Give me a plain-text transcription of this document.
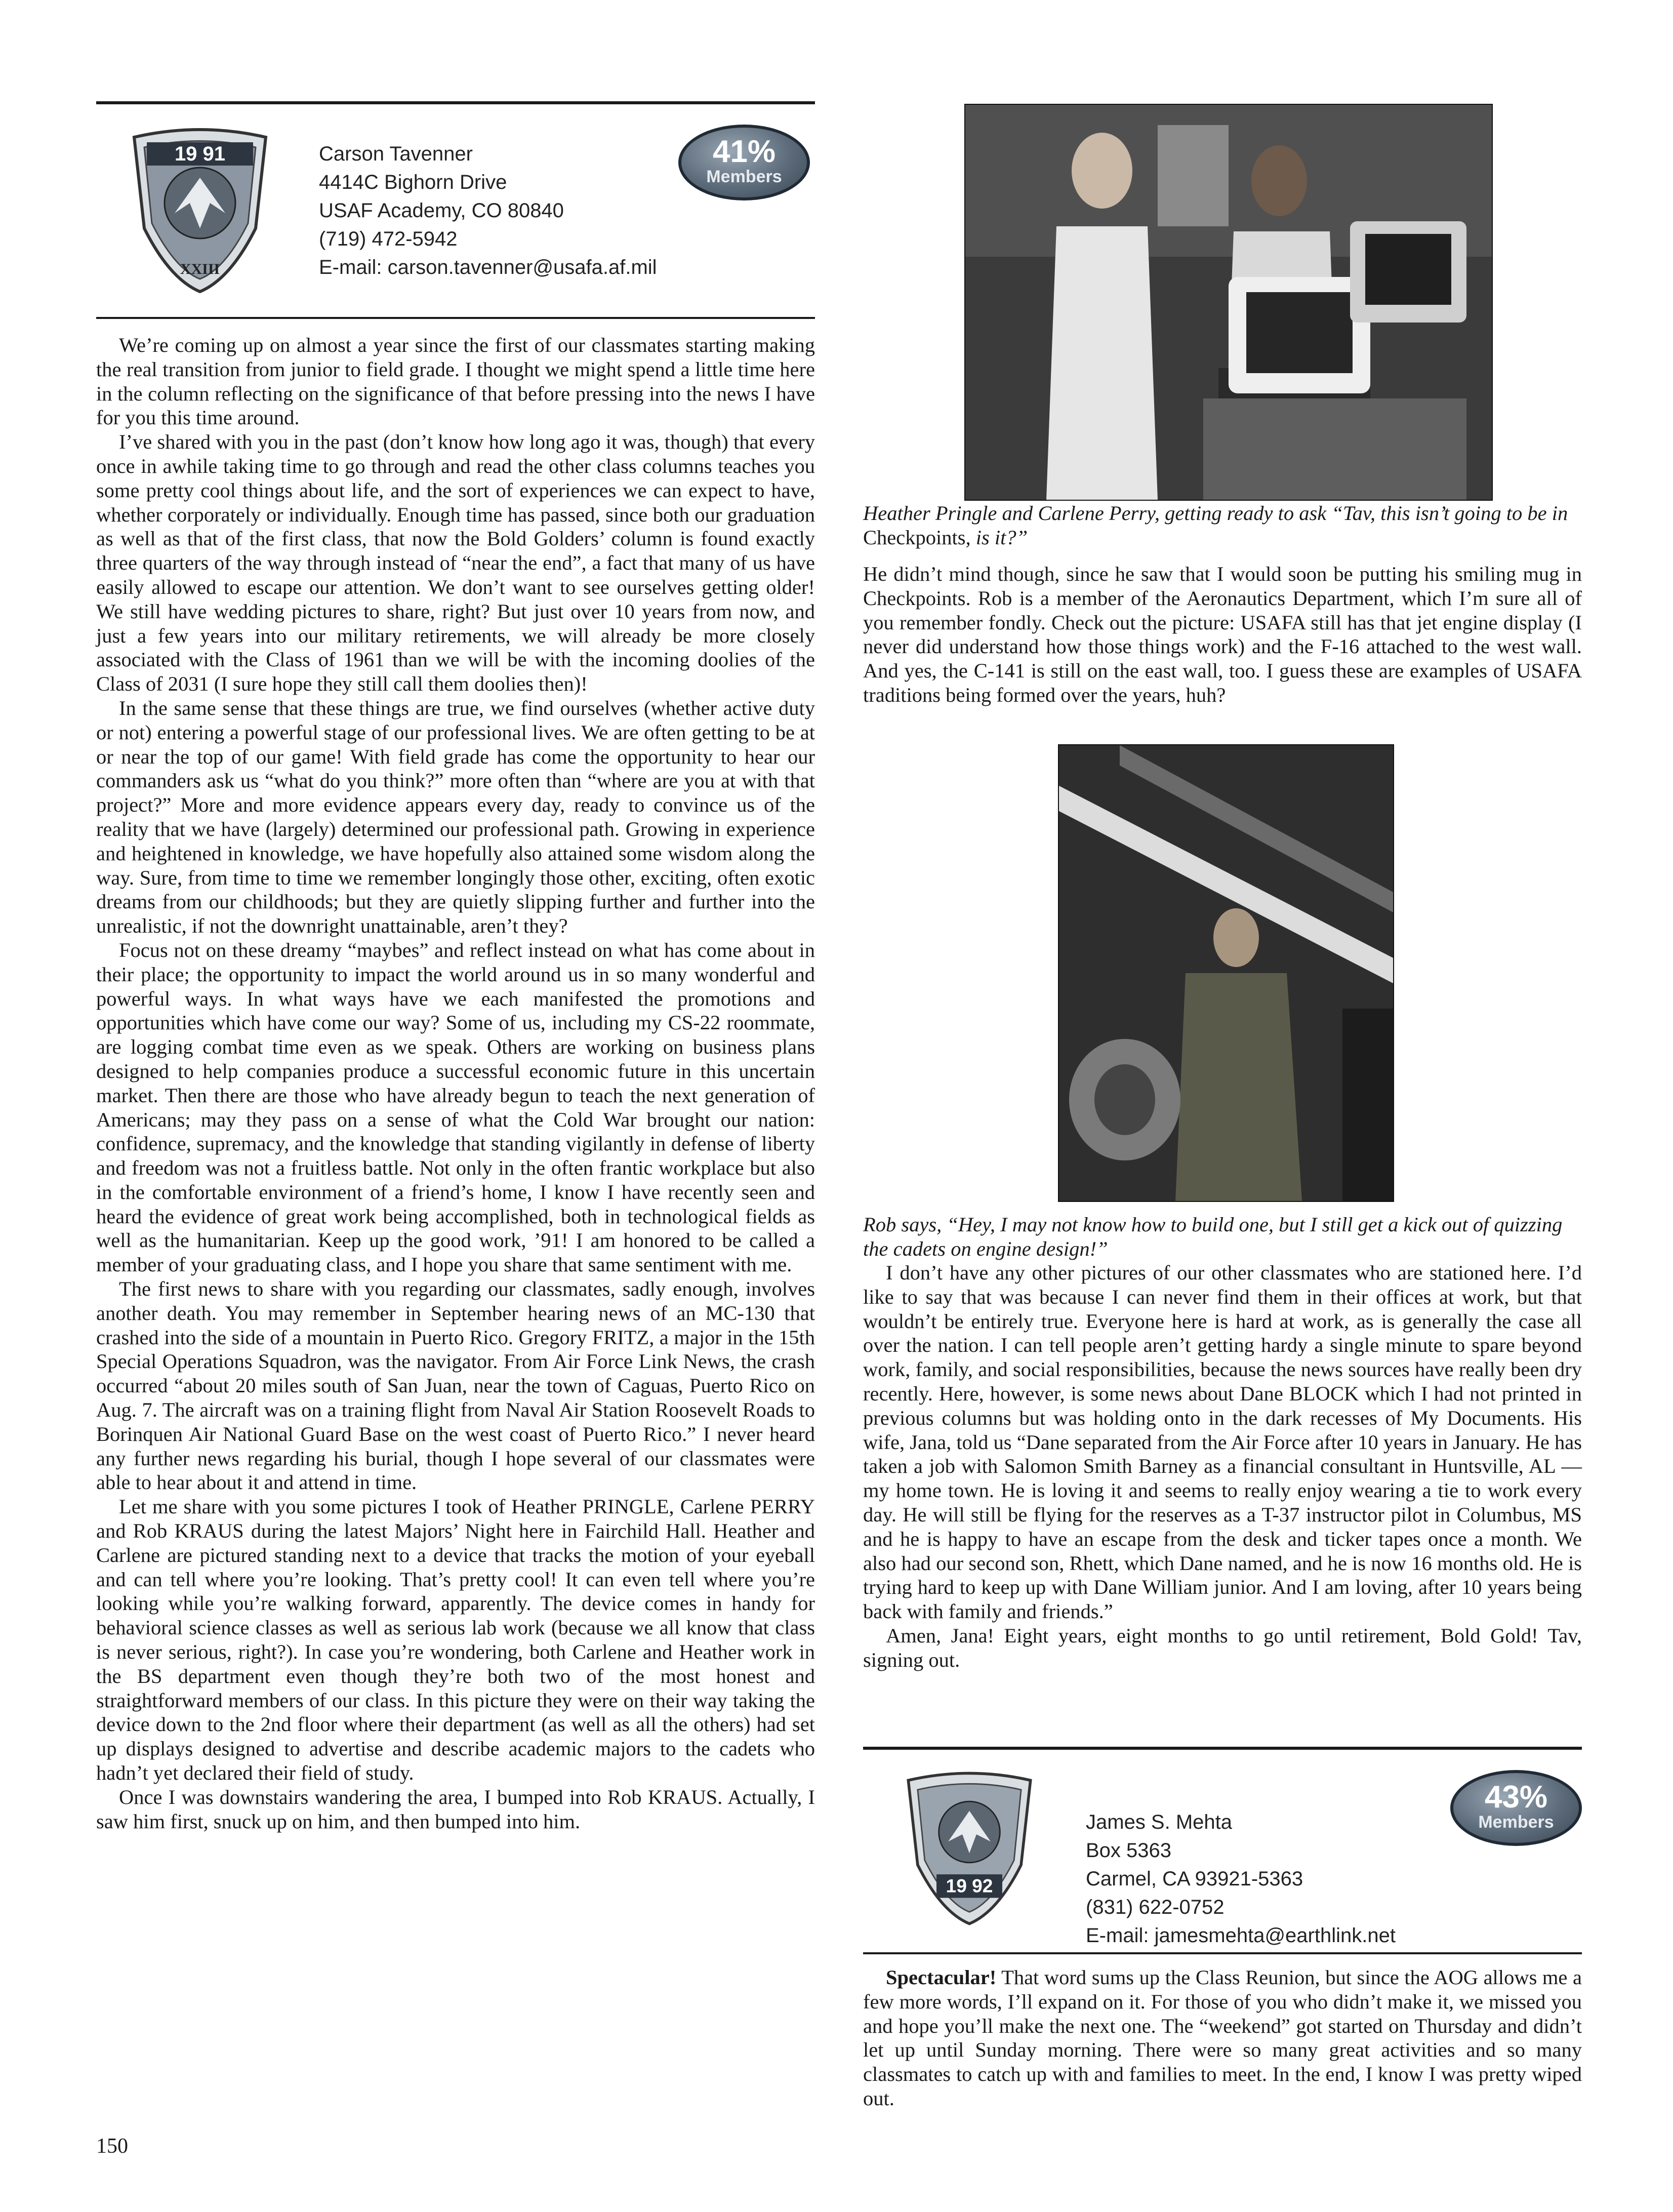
19 91
XXIII
Carson Tavenner
4414C Bighorn Drive
USAF Academy, CO 80840
(719) 472-5942
E-mail: carson.tavenner@usafa.af.mil
41%
Members

We’re coming up on almost a year since the first of our classmates starting making the real transition from junior to field grade. I thought we might spend a little time here in the column reflecting on the significance of that before pressing into the news I have for you this time around.

I’ve shared with you in the past (don’t know how long ago it was, though) that every once in awhile taking time to go through and read the other class columns teaches you some pretty cool things about life, and the sort of experiences we can expect to have, whether corporately or individually. Enough time has passed, since both our graduation as well as that of the first class, that now the Bold Golders’ column is found exactly three quarters of the way through instead of “near the end”, a fact that many of us have easily allowed to escape our attention. We don’t want to see ourselves getting older! We still have wedding pictures to share, right? But just over 10 years from now, and just a few years into our military retirements, we will already be more closely associated with the Class of 1961 than we will be with the incoming doolies of the Class of 2031 (I sure hope they still call them doolies then)!

In the same sense that these things are true, we find ourselves (whether active duty or not) entering a powerful stage of our professional lives. We are often getting to be at or near the top of our game! With field grade has come the opportunity to hear our commanders ask us “what do you think?” more often than “where are you at with that project?” More and more evidence appears every day, ready to convince us of the reality that we have (largely) determined our professional path. Growing in experience and heightened in knowledge, we have hopefully also attained some wisdom along the way. Sure, from time to time we remember longingly those other, exciting, often exotic dreams from our childhoods; but they are quietly slipping further and further into the unrealistic, if not the downright unattainable, aren’t they?

Focus not on these dreamy “maybes” and reflect instead on what has come about in their place; the opportunity to impact the world around us in so many wonderful and powerful ways. In what ways have we each manifested the promotions and opportunities which have come our way? Some of us, including my CS-22 roommate, are logging combat time even as we speak. Others are working on business plans designed to help companies produce a successful economic future in this uncertain market. Then there are those who have already begun to teach the next generation of Americans; may they pass on a sense of what the Cold War brought our nation: confidence, supremacy, and the knowledge that standing vigilantly in defense of liberty and freedom was not a fruitless battle. Not only in the often frantic workplace but also in the comfortable environment of a friend’s home, I know I have recently seen and heard the evidence of great work being accomplished, both in technological fields as well as the humanitarian. Keep up the good work, ’91! I am honored to be called a member of your graduating class, and I hope you share that same sentiment with me.

The first news to share with you regarding our classmates, sadly enough, involves another death. You may remember in September hearing news of an MC-130 that crashed into the side of a mountain in Puerto Rico. Gregory FRITZ, a major in the 15th Special Operations Squadron, was the navigator. From Air Force Link News, the crash occurred “about 20 miles south of San Juan, near the town of Caguas, Puerto Rico on Aug. 7. The aircraft was on a training flight from Naval Air Station Roosevelt Roads to Borinquen Air National Guard Base on the west coast of Puerto Rico.” I never heard any further news regarding his burial, though I hope several of our classmates were able to hear about it and attend in time.

Let me share with you some pictures I took of Heather PRINGLE, Carlene PERRY and Rob KRAUS during the latest Majors’ Night here in Fairchild Hall. Heather and Carlene are pictured standing next to a device that tracks the motion of your eyeball and can tell where you’re looking. That’s pretty cool! It can even tell where you’re looking while you’re walking forward, apparently. The device comes in handy for behavioral science classes as well as serious lab work (because we all know that class is never serious, right?). In case you’re wondering, both Carlene and Heather work in the BS department even though they’re both two of the most honest and straightforward members of our class. In this picture they were on their way taking the device down to the 2nd floor where their department (as well as all the others) had set up displays designed to advertise and describe academic majors to the cadets who hadn’t yet declared their field of study.

Once I was downstairs wandering the area, I bumped into Rob KRAUS. Actually, I saw him first, snuck up on him, and then bumped into him.

Heather Pringle and Carlene Perry, getting ready to ask “Tav, this isn’t going to be in Checkpoints, is it?”

He didn’t mind though, since he saw that I would soon be putting his smiling mug in Checkpoints. Rob is a member of the Aeronautics Department, which I’m sure all of you remember fondly. Check out the picture: USAFA still has that jet engine display (I never did understand how those things work) and the F-16 attached to the west wall. And yes, the C-141 is still on the east wall, too. I guess these are examples of USAFA traditions being formed over the years, huh?

Rob says, “Hey, I may not know how to build one, but I still get a kick out of quizzing the cadets on engine design!”

I don’t have any other pictures of our other classmates who are stationed here. I’d like to say that was because I can never find them in their offices at work, but that wouldn’t be entirely true. Everyone here is hard at work, as is generally the case all over the nation. I can tell people aren’t getting hardy a single minute to spare beyond work, family, and social responsibilities, because the news sources have really been dry recently. Here, however, is some news about Dane BLOCK which I had not printed in previous columns but was holding onto in the dark recesses of My Documents. His wife, Jana, told us “Dane separated from the Air Force after 10 years in January. He has taken a job with Salomon Smith Barney as a financial consultant in Huntsville, AL — my home town. He is loving it and seems to really enjoy wearing a tie to work every day. He will still be flying for the reserves as a T-37 instructor pilot in Columbus, MS and he is happy to have an escape from the desk and ticker tapes once a month. We also had our second son, Rhett, which Dane named, and he is now 16 months old. He is trying hard to keep up with Dane William junior. And I am loving, after 10 years being back with family and friends.”

Amen, Jana! Eight years, eight months to go until retirement, Bold Gold! Tav, signing out.

19 92
James S. Mehta
Box 5363
Carmel, CA 93921-5363
(831) 622-0752
E-mail: jamesmehta@earthlink.net
43%
Members

Spectacular! That word sums up the Class Reunion, but since the AOG allows me a few more words, I’ll expand on it. For those of you who didn’t make it, we missed you and hope you’ll make the next one. The “weekend” got started on Thursday and didn’t let up until Sunday morning. There were so many great activities and so many classmates to catch up with and families to meet. In the end, I know I was pretty wiped out.

150
